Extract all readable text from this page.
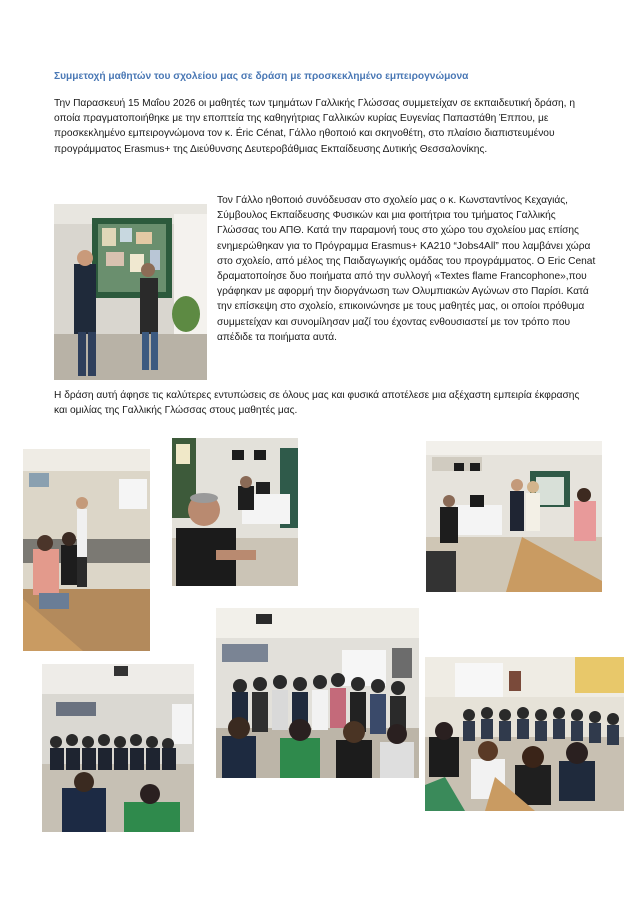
Συμμετοχή μαθητών του σχολείου μας σε δράση με προσκεκλημένο εμπειρογνώμονα

Την Παρασκευή 15 Μαΐου 2026 οι μαθητές των τμημάτων Γαλλικής Γλώσσας συμμετείχαν σε εκπαιδευτική δράση, η οποία πραγματοποιήθηκε με την εποπτεία της καθηγήτριας Γαλλικών κυρίας Ευγενίας Παπαστάθη Έππου, με προσκεκλημένο εμπειρογνώμονα τον κ. Éric Cénat, Γάλλο ηθοποιό και σκηνοθέτη, στο πλαίσιο διαπιστευμένου προγράμματος Erasmus+ της Διεύθυνσης Δευτεροβάθμιας Εκπαίδευσης Δυτικής Θεσσαλονίκης.

Τον Γάλλο ηθοποιό συνόδευσαν στο σχολείο μας ο κ. Κωνσταντίνος Κεχαγιάς, Σύμβουλος Εκπαίδευσης Φυσικών και μια φοιτήτρια του τμήματος Γαλλικής Γλώσσας του ΑΠΘ. Κατά την παραμονή τους στο χώρο του σχολείου μας επίσης ενημερώθηκαν για το Πρόγραμμα Erasmus+ KA210 “Jobs4All” που λαμβάνει χώρα στο σχολείο, από μέλος της Παιδαγωγικής ομάδας του προγράμματος. Ο Eric Cenat δραματοποίησε δυο ποιήματα από την συλλογή «Textes flame Francophone»,που γράφηκαν με αφορμή την διοργάνωση των Ολυμπιακών Αγώνων στο Παρίσι. Κατά την επίσκεψη στο σχολείο, επικοινώνησε με τους μαθητές μας, οι οποίοι πρόθυμα συμμετείχαν και συνομίλησαν μαζί του έχοντας ενθουσιαστεί με τον τρόπο που απέδιδε τα ποιήματα αυτά.

Η δράση αυτή άφησε τις καλύτερες εντυπώσεις σε όλους μας και φυσικά αποτέλεσε μια αξέχαστη εμπειρία έκφρασης και ομιλίας της Γαλλικής Γλώσσας στους μαθητές μας.
